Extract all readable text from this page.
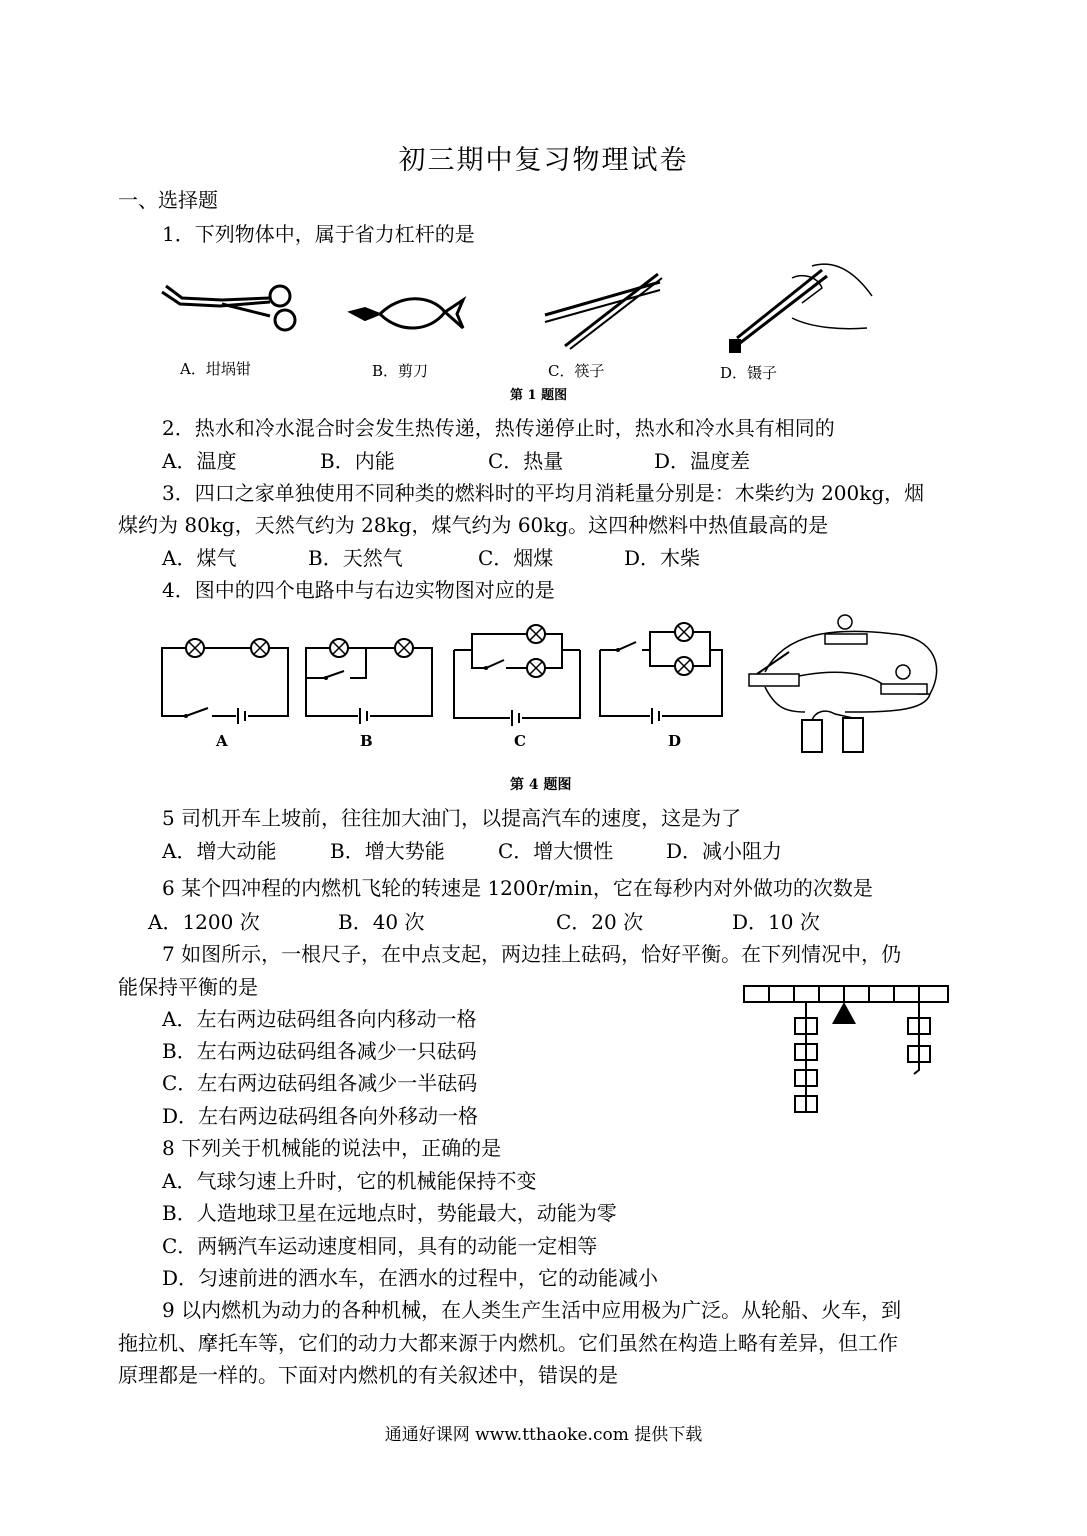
初三期中复习物理试卷
一、选择题
1．下列物体中，属于省力杠杆的是
A．坩埚钳	B．剪刀	C．筷子	D．镊子
第 1 题图
2．热水和冷水混合时会发生热传递，热传递停止时，热水和冷水具有相同的
A．温度	B．内能	C．热量	D．温度差
3．四口之家单独使用不同种类的燃料时的平均月消耗量分别是：木柴约为 200kg，烟
煤约为 80kg，天然气约为 28kg，煤气约为 60kg。这四种燃料中热值最高的是
A．煤气	B．天然气	C．烟煤	D．木柴
4．图中的四个电路中与右边实物图对应的是
A	B	C	D
第 4 题图
5 司机开车上坡前，往往加大油门，以提高汽车的速度，这是为了
A．增大动能	B．增大势能	C．增大惯性	D．减小阻力
6 某个四冲程的内燃机飞轮的转速是 1200r/min，它在每秒内对外做功的次数是
A．1200 次	B．40 次	C．20 次	D．10 次
7 如图所示，一根尺子，在中点支起，两边挂上砝码，恰好平衡。在下列情况中，仍
能保持平衡的是
A．左右两边砝码组各向内移动一格
B．左右两边砝码组各减少一只砝码
C．左右两边砝码组各减少一半砝码
D．左右两边砝码组各向外移动一格
8 下列关于机械能的说法中，正确的是
A．气球匀速上升时，它的机械能保持不变
B．人造地球卫星在远地点时，势能最大，动能为零
C．两辆汽车运动速度相同，具有的动能一定相等
D．匀速前进的洒水车，在洒水的过程中，它的动能减小
9 以内燃机为动力的各种机械，在人类生产生活中应用极为广泛。从轮船、火车，到
拖拉机、摩托车等，它们的动力大都来源于内燃机。它们虽然在构造上略有差异，但工作
原理都是一样的。下面对内燃机的有关叙述中，错误的是
通通好课网 www.tthaoke.com 提供下载
